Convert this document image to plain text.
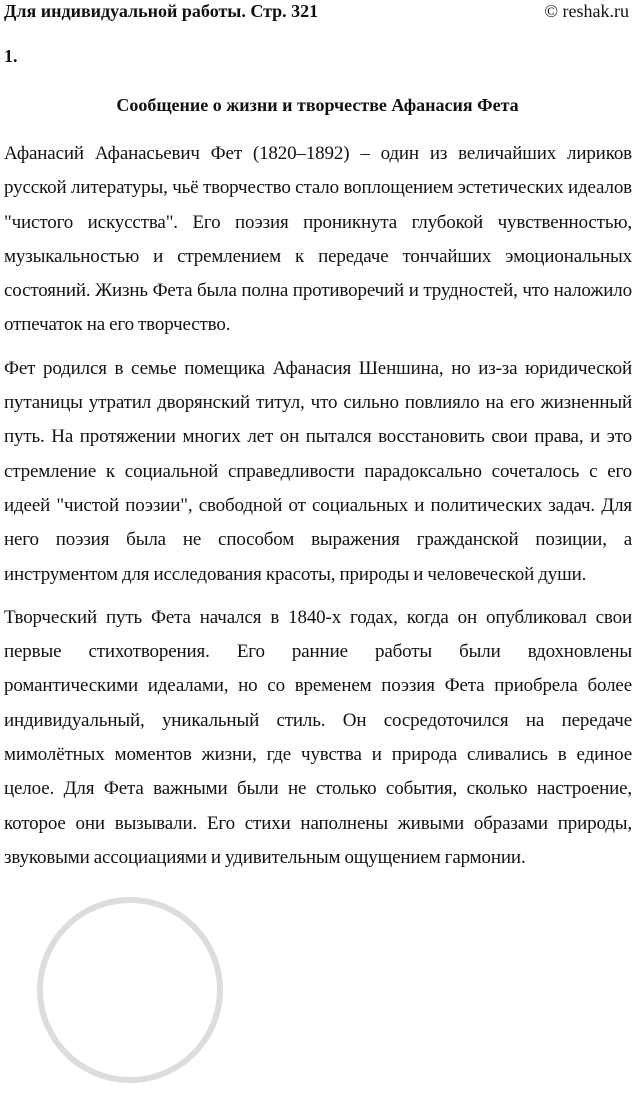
Для индивидуальной работы. Стр. 321	© reshak.ru
1.
Сообщение о жизни и творчестве Афанасия Фета

Афанасий Афанасьевич Фет (1820–1892) – один из величайших лириков русской литературы, чьё творчество стало воплощением эстетических идеалов "чистого искусства". Его поэзия проникнута глубокой чувственностью, музыкальностью и стремлением к передаче тончайших эмоциональных состояний. Жизнь Фета была полна противоречий и трудностей, что наложило отпечаток на его творчество.

Фет родился в семье помещика Афанасия Шеншина, но из-за юридической путаницы утратил дворянский титул, что сильно повлияло на его жизненный путь. На протяжении многих лет он пытался восстановить свои права, и это стремление к социальной справедливости парадоксально сочеталось с его идеей "чистой поэзии", свободной от социальных и политических задач. Для него поэзия была не способом выражения гражданской позиции, а инструментом для исследования красоты, природы и человеческой души.

Творческий путь Фета начался в 1840-х годах, когда он опубликовал свои первые стихотворения. Его ранние работы были вдохновлены романтическими идеалами, но со временем поэзия Фета приобрела более индивидуальный, уникальный стиль. Он сосредоточился на передаче мимолётных моментов жизни, где чувства и природа сливались в единое целое. Для Фета важными были не столько события, сколько настроение, которое они вызывали. Его стихи наполнены живыми образами природы, звуковыми ассоциациями и удивительным ощущением гармонии.
